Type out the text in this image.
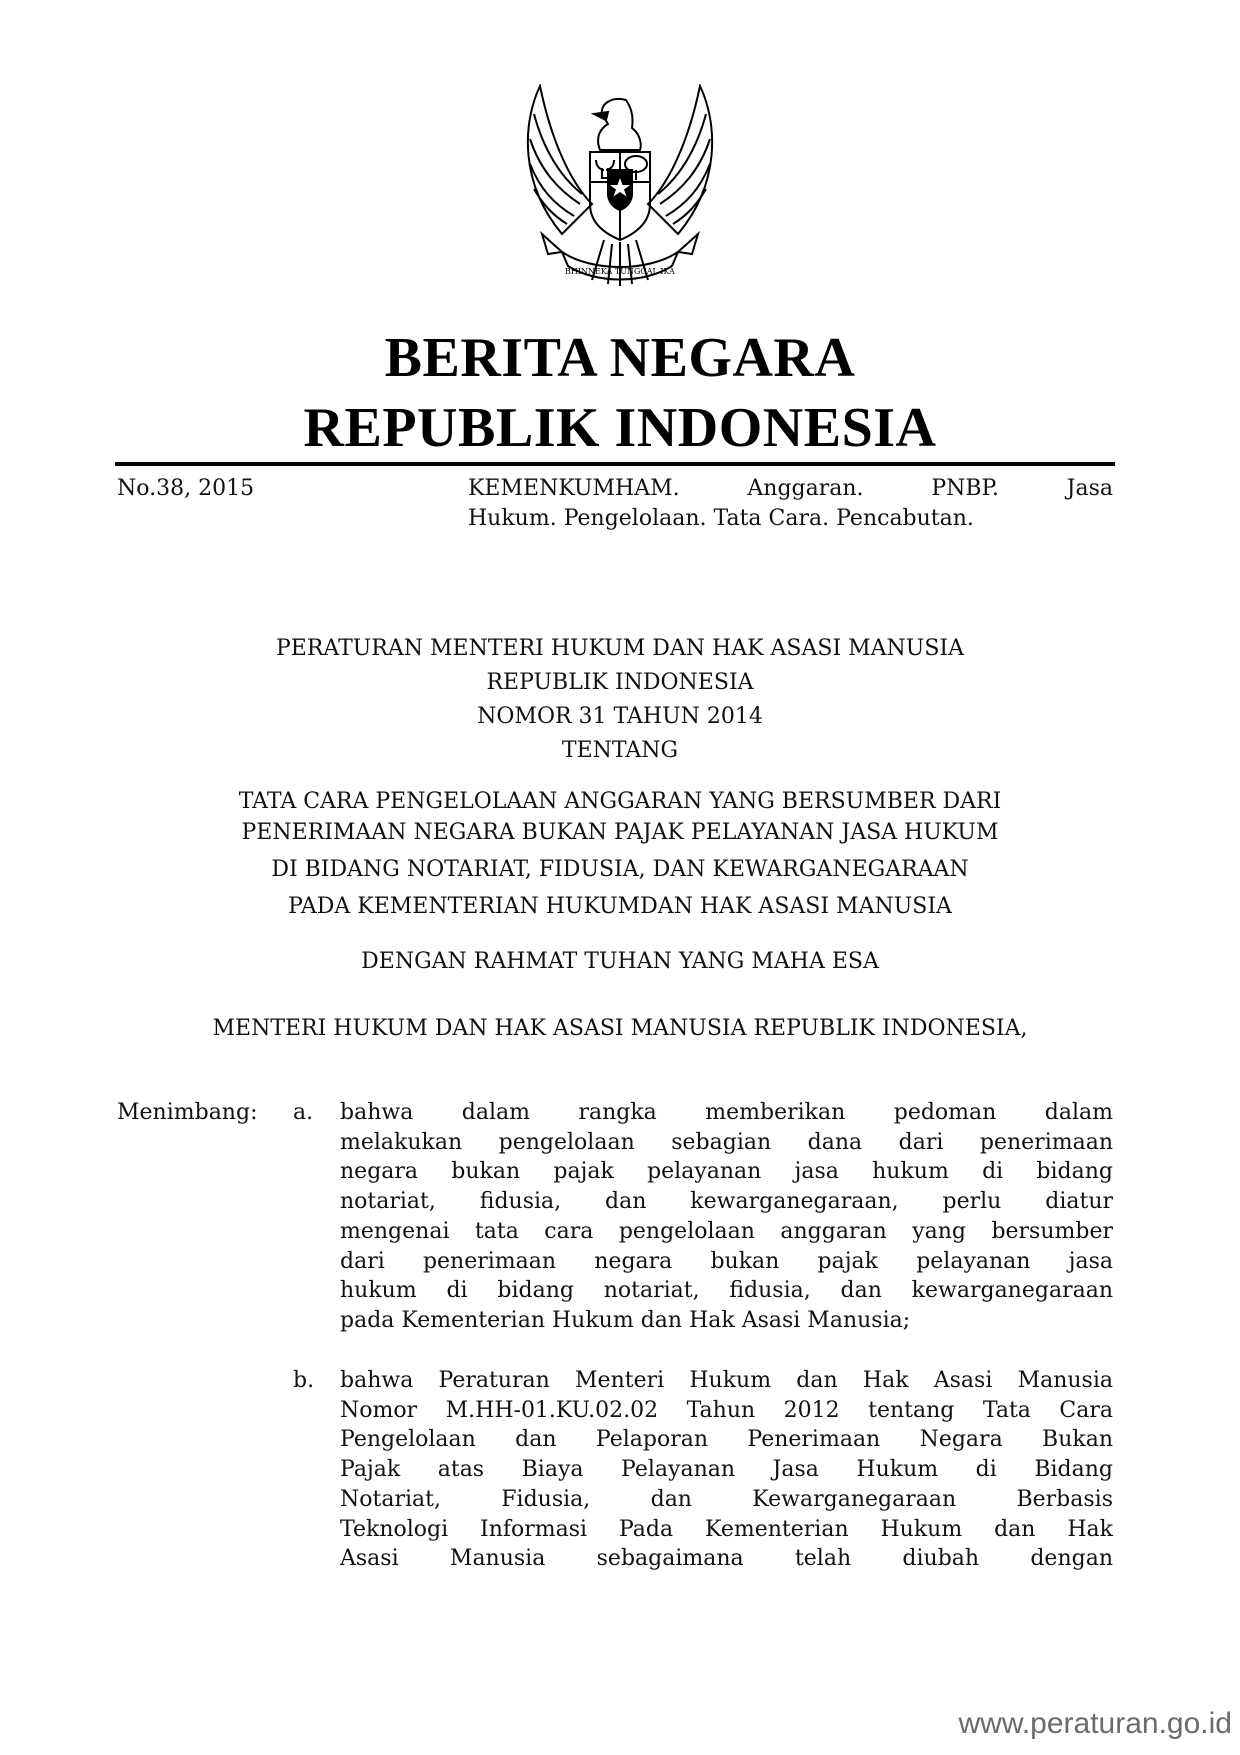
BHINNEKA TUNGGAL IKA
BERITA NEGARA
REPUBLIK INDONESIA
No.38, 2015	KEMENKUMHAM. Anggaran. PNBP. Jasa
Hukum. Pengelolaan. Tata Cara. Pencabutan.
PERATURAN MENTERI HUKUM DAN HAK ASASI MANUSIA
REPUBLIK INDONESIA
NOMOR 31 TAHUN 2014
TENTANG
TATA CARA PENGELOLAAN ANGGARAN YANG BERSUMBER DARI
PENERIMAAN NEGARA BUKAN PAJAK PELAYANAN JASA HUKUM
DI BIDANG NOTARIAT, FIDUSIA, DAN KEWARGANEGARAAN
PADA KEMENTERIAN HUKUMDAN HAK ASASI MANUSIA
DENGAN RAHMAT TUHAN YANG MAHA ESA
MENTERI HUKUM DAN HAK ASASI MANUSIA REPUBLIK INDONESIA,
Menimbang: a. bahwa dalam rangka memberikan pedoman dalam
melakukan pengelolaan sebagian dana dari penerimaan
negara bukan pajak pelayanan jasa hukum di bidang
notariat, fidusia, dan kewarganegaraan, perlu diatur
mengenai tata cara pengelolaan anggaran yang bersumber
dari penerimaan negara bukan pajak pelayanan jasa
hukum di bidang notariat, fidusia, dan kewarganegaraan
pada Kementerian Hukum dan Hak Asasi Manusia;
b. bahwa Peraturan Menteri Hukum dan Hak Asasi Manusia
Nomor M.HH-01.KU.02.02 Tahun 2012 tentang Tata Cara
Pengelolaan dan Pelaporan Penerimaan Negara Bukan
Pajak atas Biaya Pelayanan Jasa Hukum di Bidang
Notariat, Fidusia, dan Kewarganegaraan Berbasis
Teknologi Informasi Pada Kementerian Hukum dan Hak
Asasi Manusia sebagaimana telah diubah dengan
www.peraturan.go.id
